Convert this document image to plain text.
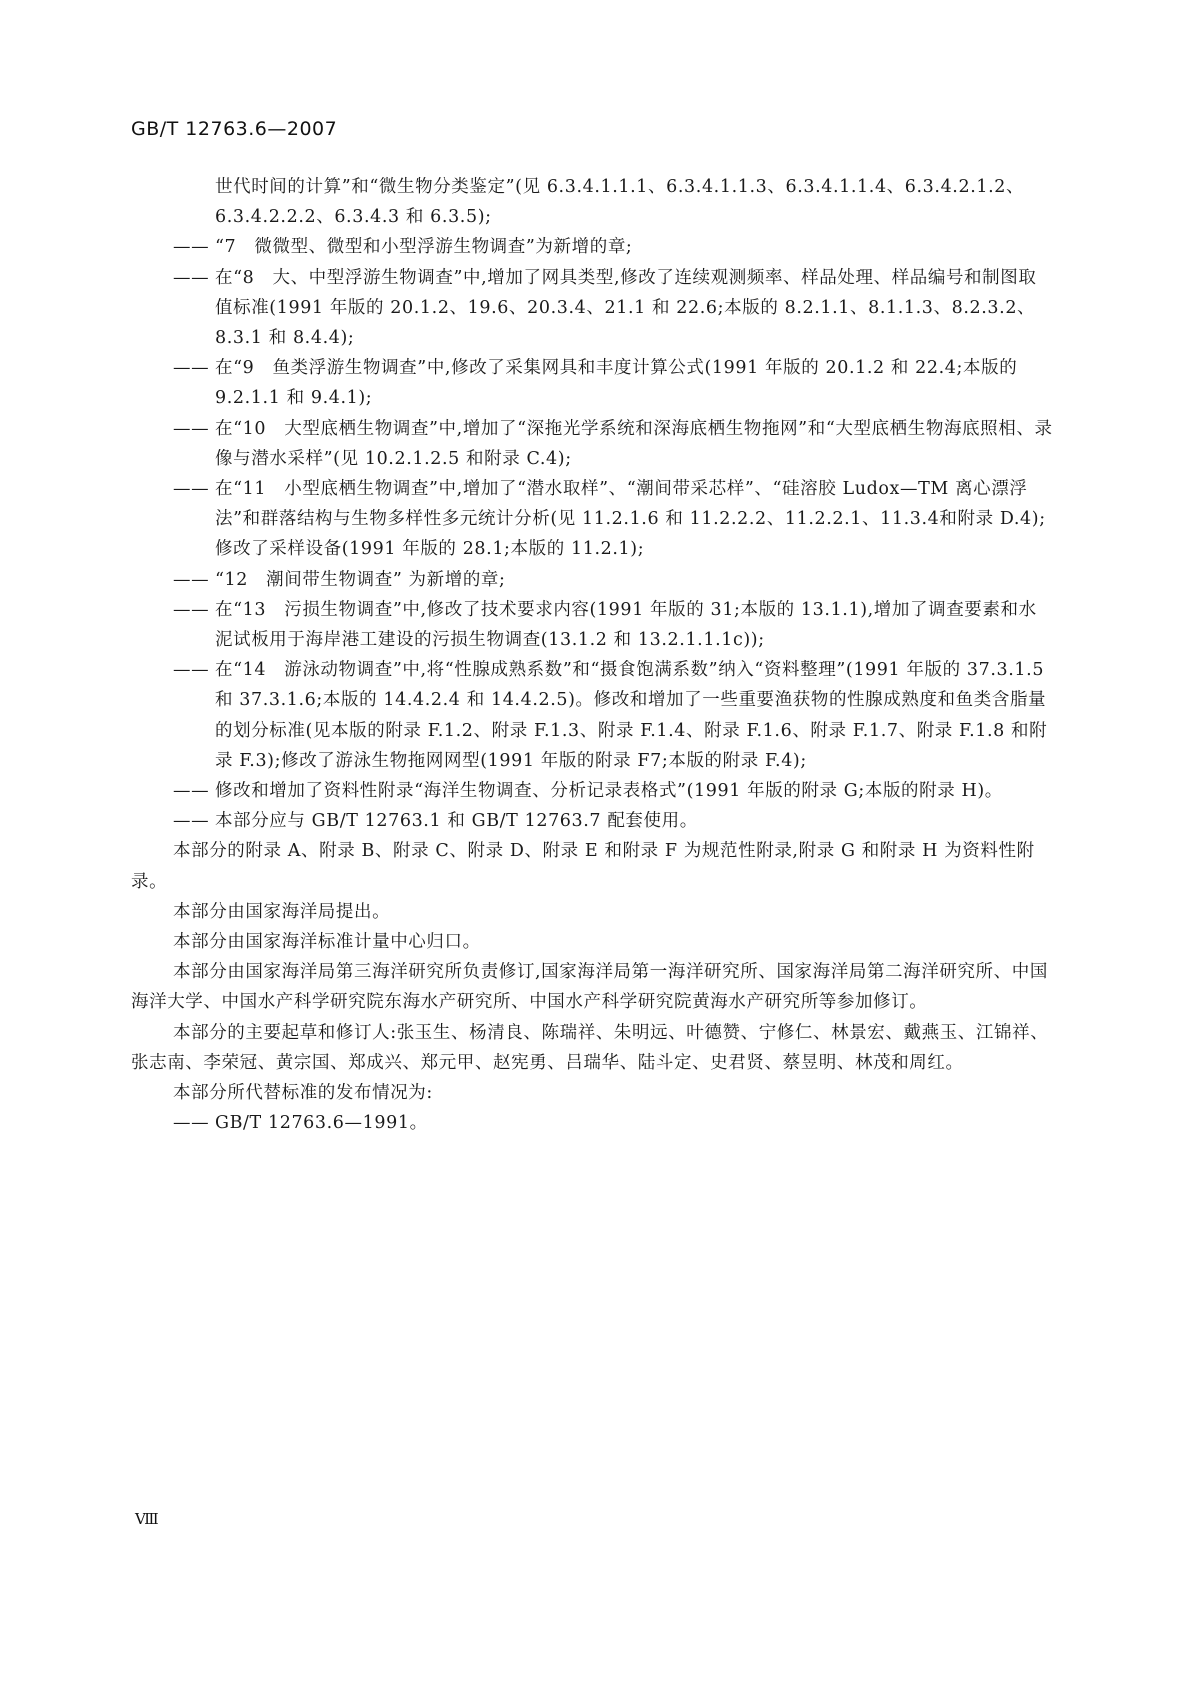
GB/T 12763.6—2007
世代时间的计算”和“微生物分类鉴定”(见 6.3.4.1.1.1、6.3.4.1.1.3、6.3.4.1.1.4、6.3.4.2.1.2、6.3.4.2.2.2、6.3.4.3 和 6.3.5);
—— “7　微微型、微型和小型浮游生物调查”为新增的章;
—— 在“8　大、中型浮游生物调查”中,增加了网具类型,修改了连续观测频率、样品处理、样品编号和制图取值标准(1991 年版的 20.1.2、19.6、20.3.4、21.1 和 22.6;本版的 8.2.1.1、8.1.1.3、8.2.3.2、8.3.1 和 8.4.4);
—— 在“9　鱼类浮游生物调查”中,修改了采集网具和丰度计算公式(1991 年版的 20.1.2 和 22.4;本版的 9.2.1.1 和 9.4.1);
—— 在“10　大型底栖生物调查”中,增加了“深拖光学系统和深海底栖生物拖网”和“大型底栖生物海底照相、录像与潜水采样”(见 10.2.1.2.5 和附录 C.4);
—— 在“11　小型底栖生物调查”中,增加了“潜水取样”、“潮间带采芯样”、“硅溶胶 Ludox—TM 离心漂浮法”和群落结构与生物多样性多元统计分析(见 11.2.1.6 和 11.2.2.2、11.2.2.1、11.3.4和附录 D.4);修改了采样设备(1991 年版的 28.1;本版的 11.2.1);
—— “12　潮间带生物调查” 为新增的章;
—— 在“13　污损生物调查”中,修改了技术要求内容(1991 年版的 31;本版的 13.1.1),增加了调查要素和水泥试板用于海岸港工建设的污损生物调查(13.1.2 和 13.2.1.1.1c));
—— 在“14　游泳动物调查”中,将“性腺成熟系数”和“摄食饱满系数”纳入“资料整理”(1991 年版的 37.3.1.5 和 37.3.1.6;本版的 14.4.2.4 和 14.4.2.5)。修改和增加了一些重要渔获物的性腺成熟度和鱼类含脂量的划分标准(见本版的附录 F.1.2、附录 F.1.3、附录 F.1.4、附录 F.1.6、附录 F.1.7、附录 F.1.8 和附录 F.3);修改了游泳生物拖网网型(1991 年版的附录 F7;本版的附录 F.4);
—— 修改和增加了资料性附录“海洋生物调查、分析记录表格式”(1991 年版的附录 G;本版的附录 H)。
—— 本部分应与 GB/T 12763.1 和 GB/T 12763.7 配套使用。
本部分的附录 A、附录 B、附录 C、附录 D、附录 E 和附录 F 为规范性附录,附录 G 和附录 H 为资料性附录。
本部分由国家海洋局提出。
本部分由国家海洋标准计量中心归口。
本部分由国家海洋局第三海洋研究所负责修订,国家海洋局第一海洋研究所、国家海洋局第二海洋研究所、中国海洋大学、中国水产科学研究院东海水产研究所、中国水产科学研究院黄海水产研究所等参加修订。
本部分的主要起草和修订人:张玉生、杨清良、陈瑞祥、朱明远、叶德赞、宁修仁、林景宏、戴燕玉、江锦祥、张志南、李荣冠、黄宗国、郑成兴、郑元甲、赵宪勇、吕瑞华、陆斗定、史君贤、蔡昱明、林茂和周红。
本部分所代替标准的发布情况为:
—— GB/T 12763.6—1991。
Ⅷ
